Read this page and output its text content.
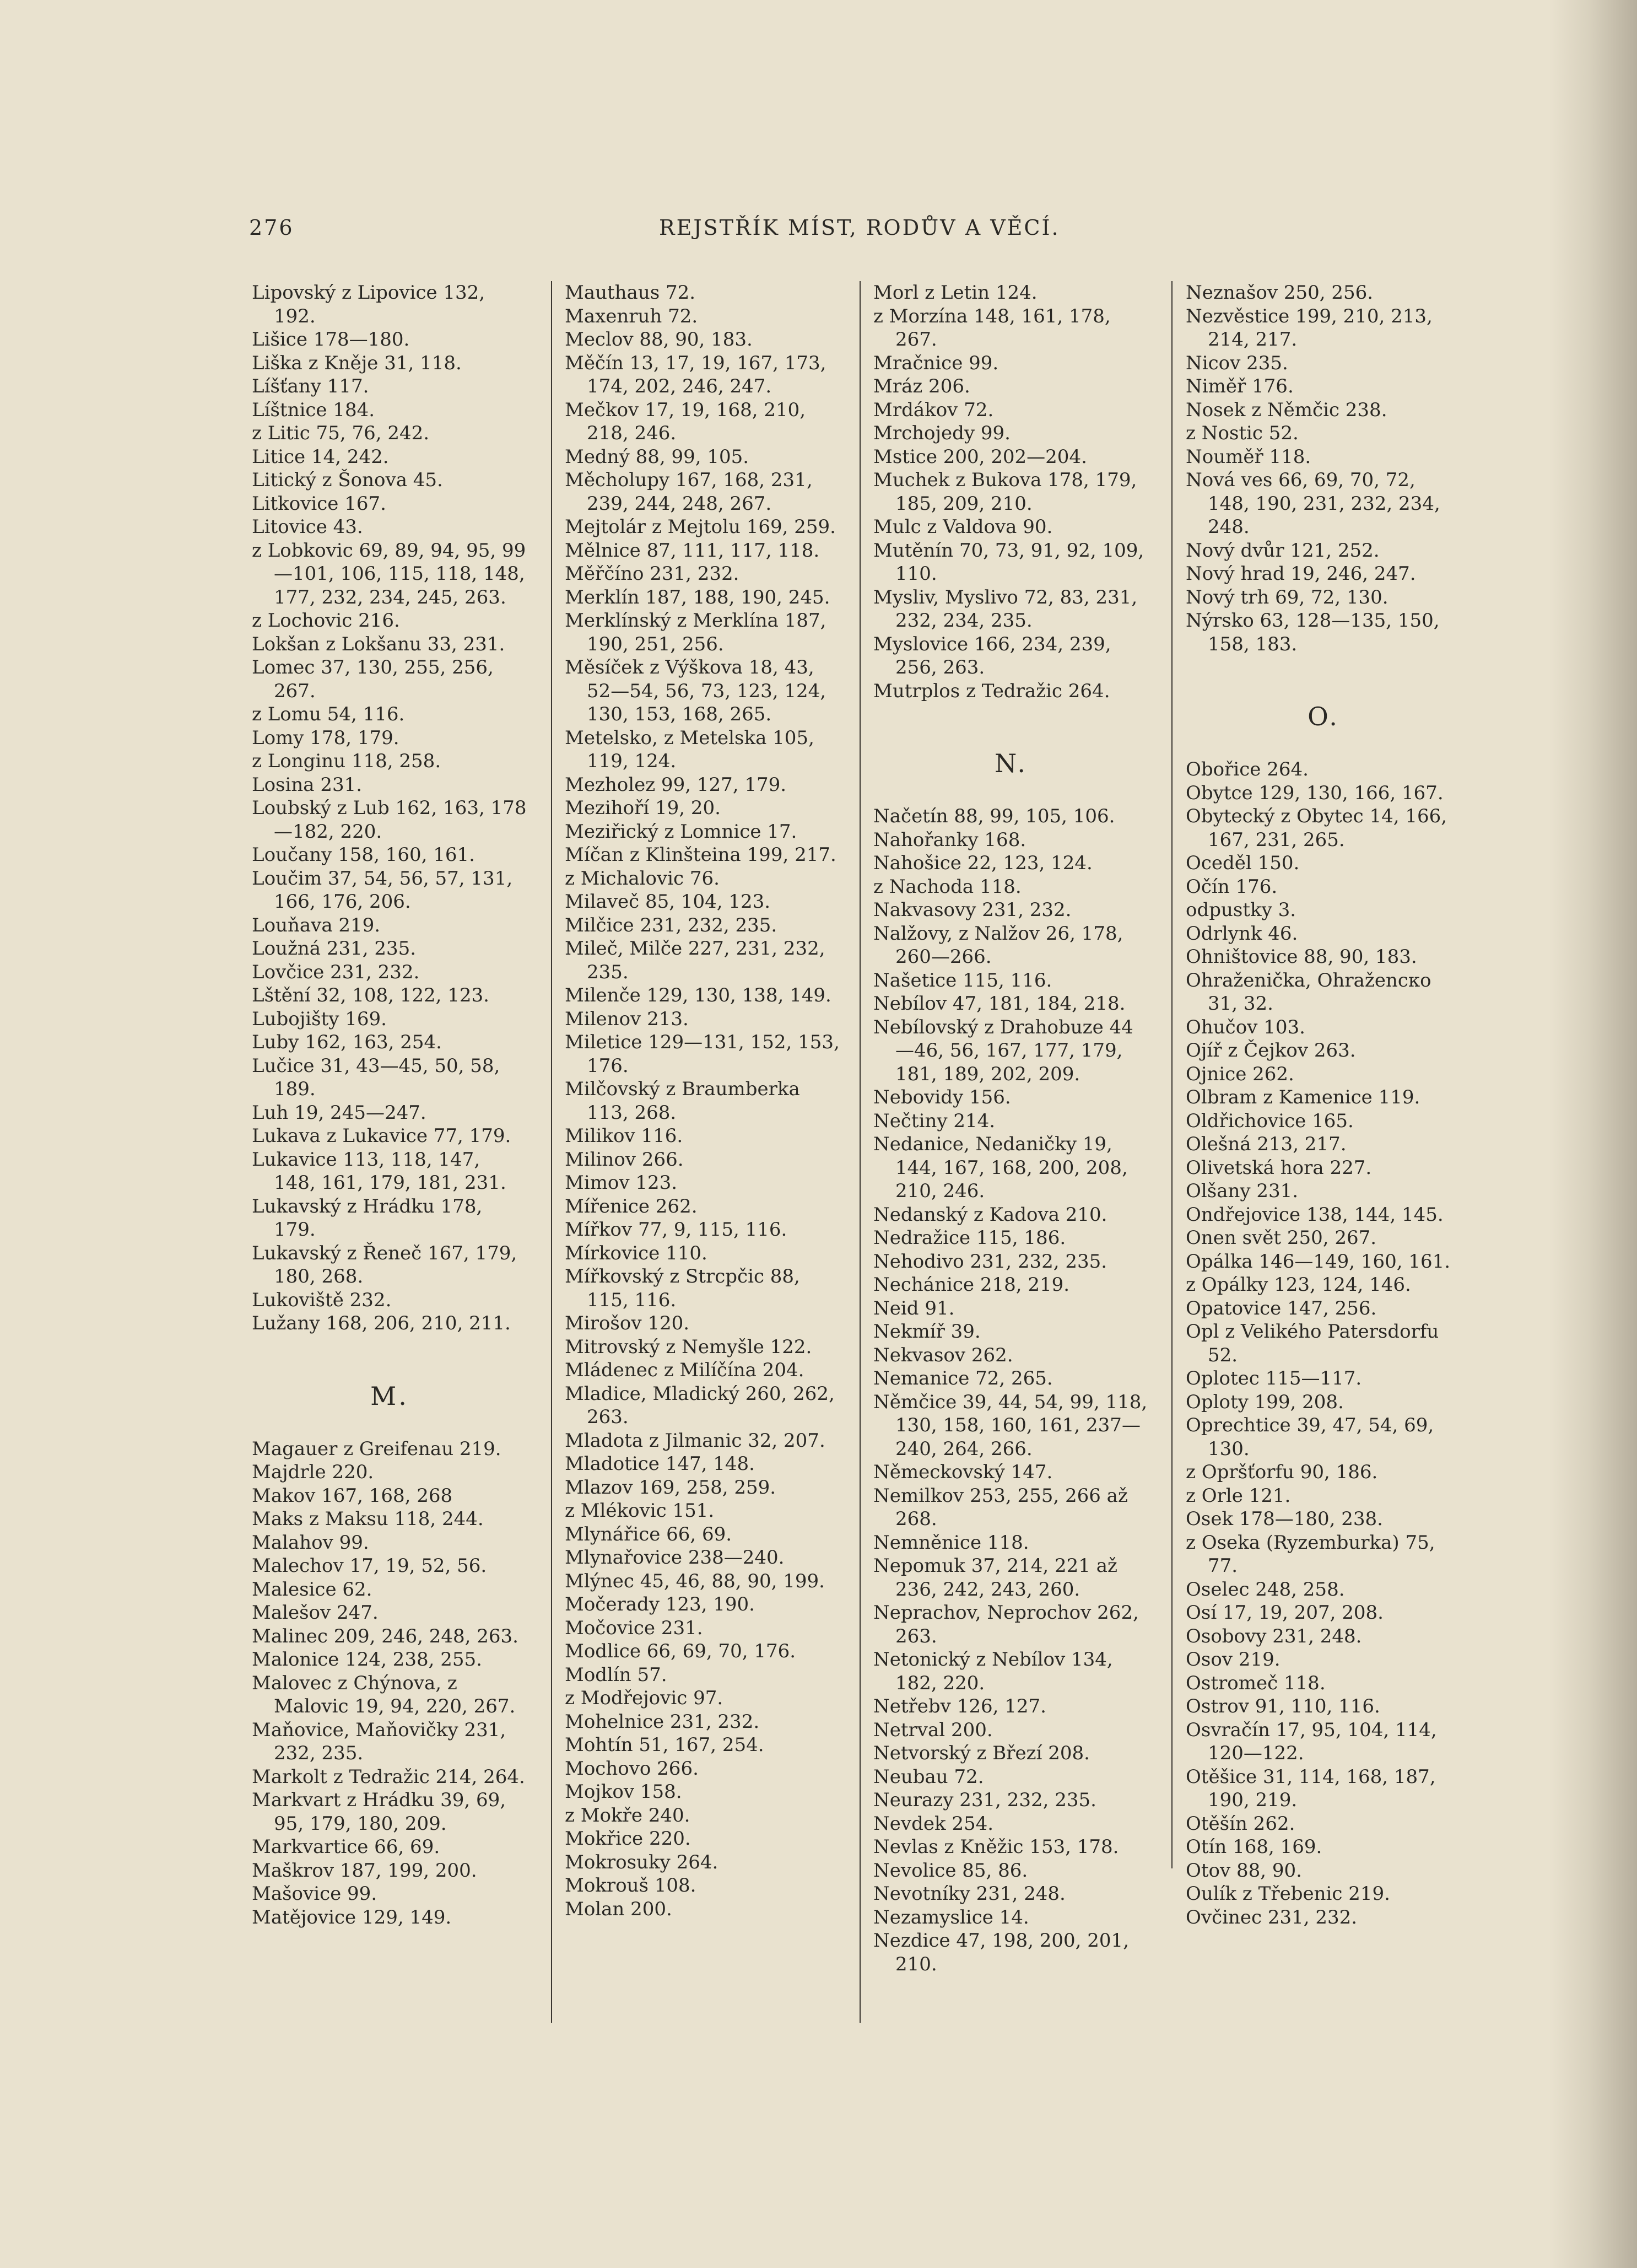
276	REJSTŘÍK MÍST, RODŮV A VĚCÍ.
Lipovský z Lipovice 132, 192.
Lišice 178—180.
Liška z Kněje 31, 118.
Líšťany 117.
Líštnice 184.
z Litic 75, 76, 242.
Litice 14, 242.
Litický z Šonova 45.
Litkovice 167.
Litovice 43.
z Lobkovic 69, 89, 94, 95, 99—101, 106, 115, 118, 148, 177, 232, 234, 245, 263.
z Lochovic 216.
Lokšan z Lokšanu 33, 231.
Lomec 37, 130, 255, 256, 267.
z Lomu 54, 116.
Lomy 178, 179.
z Longinu 118, 258.
Losina 231.
Loubský z Lub 162, 163, 178—182, 220.
Loučany 158, 160, 161.
Loučim 37, 54, 56, 57, 131, 166, 176, 206.
Louňava 219.
Loužná 231, 235.
Lovčice 231, 232.
Lštění 32, 108, 122, 123.
Lubojišty 169.
Luby 162, 163, 254.
Lučice 31, 43—45, 50, 58, 189.
Luh 19, 245—247.
Lukava z Lukavice 77, 179.
Lukavice 113, 118, 147, 148, 161, 179, 181, 231.
Lukavský z Hrádku 178, 179.
Lukavský z Řeneč 167, 179, 180, 268.
Lukoviště 232.
Lužany 168, 206, 210, 211.
M.
Magauer z Greifenau 219.
Majdrle 220.
Makov 167, 168, 268
Maks z Maksu 118, 244.
Malahov 99.
Malechov 17, 19, 52, 56.
Malesice 62.
Malešov 247.
Malinec 209, 246, 248, 263.
Malonice 124, 238, 255.
Malovec z Chýnova, z Malovic 19, 94, 220, 267.
Maňovice, Maňovičky 231, 232, 235.
Markolt z Tedražic 214, 264.
Markvart z Hrádku 39, 69, 95, 179, 180, 209.
Markvartice 66, 69.
Maškrov 187, 199, 200.
Mašovice 99.
Matějovice 129, 149.
Mauthaus 72.
Maxenruh 72.
Meclov 88, 90, 183.
Měčín 13, 17, 19, 167, 173, 174, 202, 246, 247.
Mečkov 17, 19, 168, 210, 218, 246.
Medný 88, 99, 105.
Měcholupy 167, 168, 231, 239, 244, 248, 267.
Mejtolár z Mejtolu 169, 259.
Mělnice 87, 111, 117, 118.
Měřčíno 231, 232.
Merklín 187, 188, 190, 245.
Merklínský z Merklína 187, 190, 251, 256.
Měsíček z Výškova 18, 43, 52—54, 56, 73, 123, 124, 130, 153, 168, 265.
Metelsko, z Metelska 105, 119, 124.
Mezholez 99, 127, 179.
Mezihoří 19, 20.
Meziřický z Lomnice 17.
Míčan z Klinšteina 199, 217.
z Michalovic 76.
Milaveč 85, 104, 123.
Milčice 231, 232, 235.
Mileč, Milče 227, 231, 232, 235.
Milenče 129, 130, 138, 149.
Milenov 213.
Miletice 129—131, 152, 153, 176.
Milčovský z Braumberka 113, 268.
Milikov 116.
Milinov 266.
Mimov 123.
Mířenice 262.
Mířkov 77, 9, 115, 116.
Mírkovice 110.
Mířkovský z Strcpčic 88, 115, 116.
Mirošov 120.
Mitrovský z Nemyšle 122.
Mládenec z Milíčína 204.
Mladice, Mladický 260, 262, 263.
Mladota z Jilmanic 32, 207.
Mladotice 147, 148.
Mlazov 169, 258, 259.
z Mlékovic 151.
Mlynářice 66, 69.
Mlynařovice 238—240.
Mlýnec 45, 46, 88, 90, 199.
Močerady 123, 190.
Močovice 231.
Modlice 66, 69, 70, 176.
Modlín 57.
z Modřejovic 97.
Mohelnice 231, 232.
Mohtín 51, 167, 254.
Mochovo 266.
Mojkov 158.
z Mokře 240.
Mokřice 220.
Mokrosuky 264.
Mokrouš 108.
Molan 200.
Morl z Letin 124.
z Morzína 148, 161, 178, 267.
Mračnice 99.
Mráz 206.
Mrdákov 72.
Mrchojedy 99.
Mstice 200, 202—204.
Muchek z Bukova 178, 179, 185, 209, 210.
Mulc z Valdova 90.
Mutěnín 70, 73, 91, 92, 109, 110.
Mysliv, Myslivo 72, 83, 231, 232, 234, 235.
Myslovice 166, 234, 239, 256, 263.
Mutrplos z Tedražic 264.
N.
Načetín 88, 99, 105, 106.
Nahořanky 168.
Nahošice 22, 123, 124.
z Nachoda 118.
Nakvasovy 231, 232.
Nalžovy, z Nalžov 26, 178, 260—266.
Našetice 115, 116.
Nebílov 47, 181, 184, 218.
Nebílovský z Drahobuze 44—46, 56, 167, 177, 179, 181, 189, 202, 209.
Nebovidy 156.
Nečtiny 214.
Nedanice, Nedaničky 19, 144, 167, 168, 200, 208, 210, 246.
Nedanský z Kadova 210.
Nedražice 115, 186.
Nehodivo 231, 232, 235.
Nechánice 218, 219.
Neid 91.
Nekmíř 39.
Nekvasov 262.
Nemanice 72, 265.
Němčice 39, 44, 54, 99, 118, 130, 158, 160, 161, 237—240, 264, 266.
Německovský 147.
Nemilkov 253, 255, 266 až 268.
Nemněnice 118.
Nepomuk 37, 214, 221 až 236, 242, 243, 260.
Neprachov, Neprochov 262, 263.
Netonický z Nebílov 134, 182, 220.
Netřebv 126, 127.
Netrval 200.
Netvorský z Březí 208.
Neubau 72.
Neurazy 231, 232, 235.
Nevdek 254.
Nevlas z Kněžic 153, 178.
Nevolice 85, 86.
Nevotníky 231, 248.
Nezamyslice 14.
Nezdice 47, 198, 200, 201, 210.
Neznašov 250, 256.
Nezvěstice 199, 210, 213, 214, 217.
Nicov 235.
Niměř 176.
Nosek z Němčic 238.
z Nostic 52.
Nouměř 118.
Nová ves 66, 69, 70, 72, 148, 190, 231, 232, 234, 248.
Nový dvůr 121, 252.
Nový hrad 19, 246, 247.
Nový trh 69, 72, 130.
Nýrsko 63, 128—135, 150, 158, 183.
O.
Obořice 264.
Obytce 129, 130, 166, 167.
Obytecký z Obytec 14, 166, 167, 231, 265.
Oceděl 150.
Očín 176.
odpustky 3.
Odrlynk 46.
Ohništovice 88, 90, 183.
Ohraženička, Ohraženско 31, 32.
Ohučov 103.
Ojíř z Čejkov 263.
Ojnice 262.
Olbram z Kamenice 119.
Oldřichovice 165.
Olešná 213, 217.
Olivetská hora 227.
Olšany 231.
Ondřejovice 138, 144, 145.
Onen svět 250, 267.
Opálka 146—149, 160, 161.
z Opálky 123, 124, 146.
Opatovice 147, 256.
Opl z Velikého Patersdorfu 52.
Oplotec 115—117.
Oploty 199, 208.
Oprechtice 39, 47, 54, 69, 130.
z Opršťorfu 90, 186.
z Orle 121.
Osek 178—180, 238.
z Oseka (Ryzemburka) 75, 77.
Oselec 248, 258.
Osí 17, 19, 207, 208.
Osobovy 231, 248.
Osov 219.
Ostromeč 118.
Ostrov 91, 110, 116.
Osvračín 17, 95, 104, 114, 120—122.
Otěšice 31, 114, 168, 187, 190, 219.
Otěšín 262.
Otín 168, 169.
Otov 88, 90.
Oulík z Třebenic 219.
Ovčinec 231, 232.
